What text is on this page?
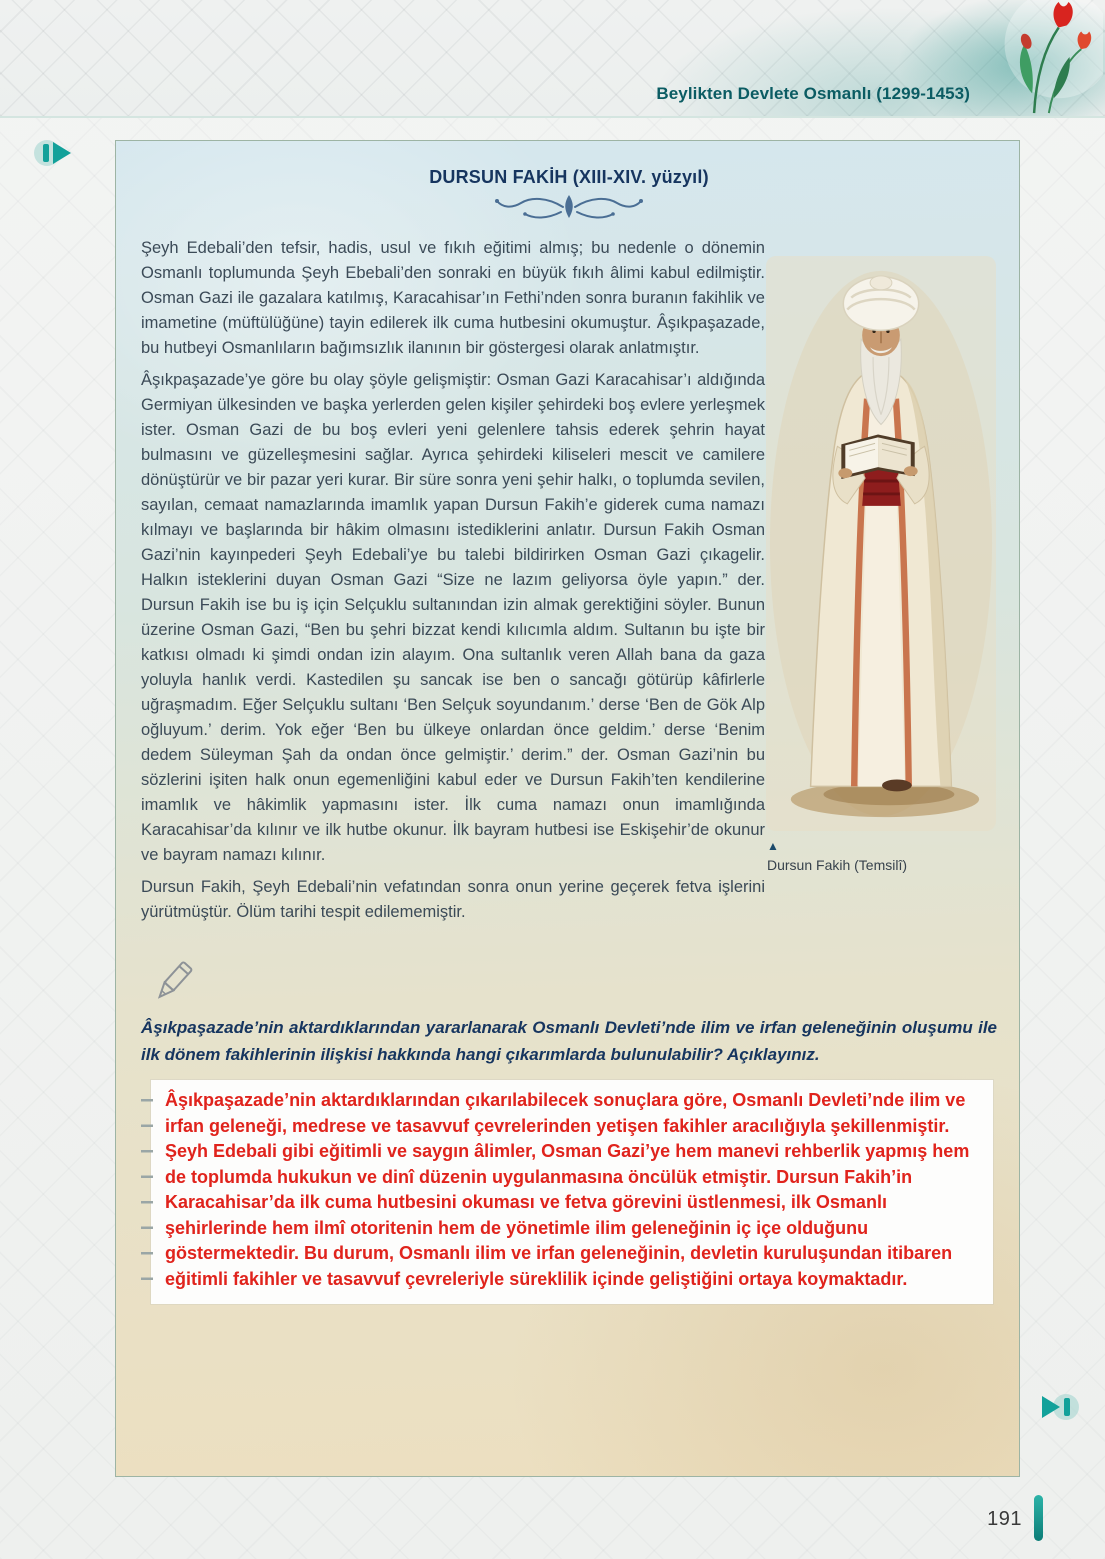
Beylikten Devlete Osmanlı (1299-1453)
DURSUN FAKİH (XIII-XIV. yüzyıl)
▲
Dursun Fakih (Temsilî)

Şeyh Edebali’den tefsir, hadis, usul ve fıkıh eğitimi almış; bu nedenle o dönemin Osmanlı toplumunda Şeyh Ebebali’den sonraki en büyük fıkıh âlimi kabul edilmiştir. Osman Gazi ile gazalara katılmış, Karacahisar’ın Fethi’nden sonra buranın fakihlik ve imametine (müftülüğüne) tayin edilerek ilk cuma hutbesini okumuştur. Âşıkpaşazade, bu hutbeyi Osmanlıların bağımsızlık ilanının bir göstergesi olarak anlatmıştır.

Âşıkpaşazade’ye göre bu olay şöyle gelişmiştir: Osman Gazi Karacahisar’ı aldığında Germiyan ülkesinden ve başka yerlerden gelen kişiler şehirdeki boş evlere yerleşmek ister. Osman Gazi de bu boş evleri yeni gelenlere tahsis ederek şehrin hayat bulmasını ve güzelleşmesini sağlar. Ayrıca şehirdeki kiliseleri mescit ve camilere dönüştürür ve bir pazar yeri kurar. Bir süre sonra yeni şehir halkı, o toplumda sevilen, sayılan, cemaat namazlarında imamlık yapan Dursun Fakih’e giderek cuma namazı kılmayı ve başlarında bir hâkim olmasını istediklerini anlatır. Dursun Fakih Osman Gazi’nin kayınpederi Şeyh Edebali’ye bu talebi bildirirken Osman Gazi çıkagelir. Halkın isteklerini duyan Osman Gazi “Size ne lazım geliyorsa öyle yapın.” der. Dursun Fakih ise bu iş için Selçuklu sultanından izin almak gerektiğini söyler. Bunun üzerine Osman Gazi, “Ben bu şehri bizzat kendi kılıcımla aldım. Sultanın bu işte bir katkısı olmadı ki şimdi ondan izin alayım. Ona sultanlık veren Allah bana da gaza yoluyla hanlık verdi. Kastedilen şu sancak ise ben o sancağı götürüp kâfirlerle uğraşmadım. Eğer Selçuklu sultanı ‘Ben Selçuk soyundanım.’ derse ‘Ben de Gök Alp oğluyum.’ derim. Yok eğer ‘Ben bu ülkeye onlardan önce geldim.’ derse ‘Benim dedem Süleyman Şah da ondan önce gelmiştir.’ derim.” der. Osman Gazi’nin bu sözlerini işiten halk onun egemenliğini kabul eder ve Dursun Fakih’ten kendilerine imamlık ve hâkimlik yapmasını ister. İlk cuma namazı onun imamlığında Karacahisar’da kılınır ve ilk hutbe okunur. İlk bayram hutbesi ise Eskişehir’de okunur ve bayram namazı kılınır.

Dursun Fakih, Şeyh Edebali’nin vefatından sonra onun yerine geçerek fetva işlerini yürütmüştür. Ölüm tarihi tespit edilememiştir.

Âşıkpaşazade’nin aktardıklarından yararlanarak Osmanlı Devleti’nde ilim ve irfan geleneğinin oluşumu ile ilk dönem fakihlerinin ilişkisi hakkında hangi çıkarımlarda bulunulabilir? Açıklayınız.

Âşıkpaşazade’nin aktardıklarından çıkarılabilecek sonuçlara göre, Osmanlı Devleti’nde ilim ve irfan geleneği, medrese ve tasavvuf çevrelerinden yetişen fakihler aracılığıyla şekillenmiştir. Şeyh Edebali gibi eğitimli ve saygın âlimler, Osman Gazi’ye hem manevi rehberlik yapmış hem de toplumda hukukun ve dinî düzenin uygulanmasına öncülük etmiştir. Dursun Fakih’in Karacahisar’da ilk cuma hutbesini okuması ve fetva görevini üstlenmesi, ilk Osmanlı şehirlerinde hem ilmî otoritenin hem de yönetimle ilim geleneğinin iç içe olduğunu göstermektedir. Bu durum, Osmanlı ilim ve irfan geleneğinin, devletin kuruluşundan itibaren eğitimli fakihler ve tasavvuf çevreleriyle süreklilik içinde geliştiğini ortaya koymaktadır.

191
